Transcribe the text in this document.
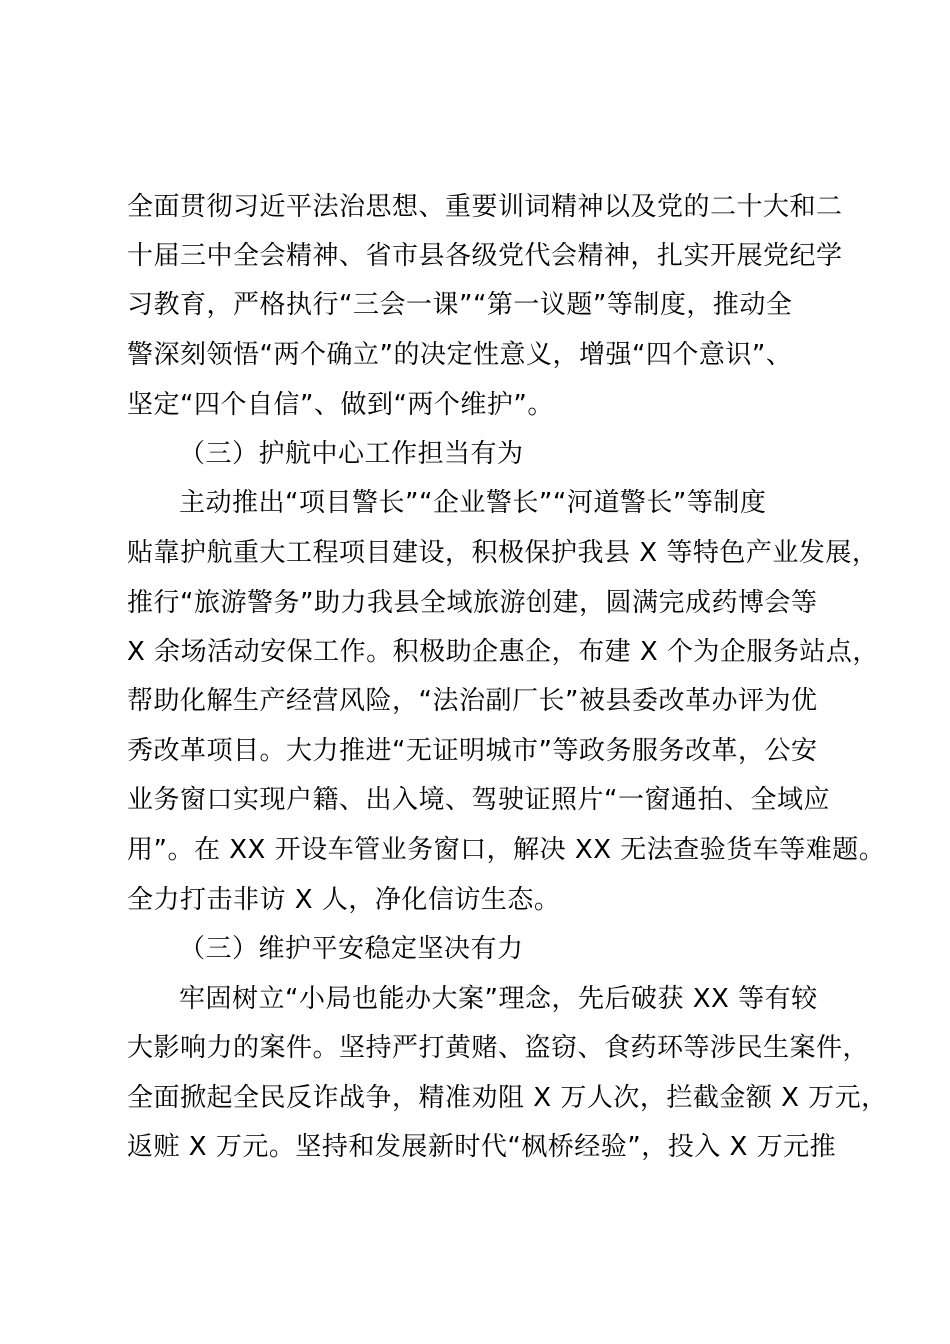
全面贯彻习近平法治思想、重要训词精神以及党的二十大和二
十届三中全会精神、省市县各级党代会精神，扎实开展党纪学
习教育，严格执行“三会一课”“第一议题”等制度，推动全
警深刻领悟“两个确立”的决定性意义，增强“四个意识”、
坚定“四个自信”、做到“两个维护”。
（三）护航中心工作担当有为
主动推出“项目警长”“企业警长”“河道警长”等制度
贴靠护航重大工程项目建设，积极保护我县 X 等特色产业发展，
推行“旅游警务”助力我县全域旅游创建，圆满完成药博会等
X 余场活动安保工作。积极助企惠企，布建 X 个为企服务站点，
帮助化解生产经营风险，“法治副厂长”被县委改革办评为优
秀改革项目。大力推进“无证明城市”等政务服务改革，公安
业务窗口实现户籍、出入境、驾驶证照片“一窗通拍、全域应
用”。在 XX 开设车管业务窗口，解决 XX 无法查验货车等难题。
全力打击非访 X 人，净化信访生态。
（三）维护平安稳定坚决有力
牢固树立“小局也能办大案”理念，先后破获 XX 等有较
大影响力的案件。坚持严打黄赌、盗窃、食药环等涉民生案件，
全面掀起全民反诈战争，精准劝阻 X 万人次，拦截金额 X 万元，
返赃 X 万元。坚持和发展新时代“枫桥经验”，投入 X 万元推
